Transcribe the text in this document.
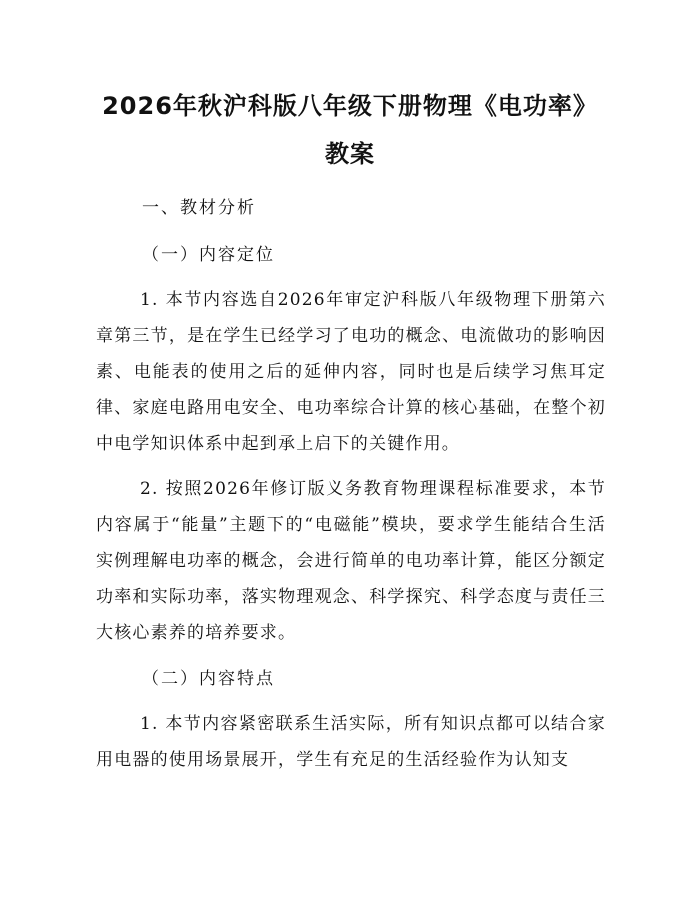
2026年秋沪科版八年级下册物理《电功率》
教案
一、教材分析
（一）内容定位

1. 本节内容选自2026年审定沪科版八年级物理下册第六章第三节，是在学生已经学习了电功的概念、电流做功的影响因素、电能表的使用之后的延伸内容，同时也是后续学习焦耳定律、家庭电路用电安全、电功率综合计算的核心基础，在整个初中电学知识体系中起到承上启下的关键作用。

2. 按照2026年修订版义务教育物理课程标准要求，本节内容属于“能量”主题下的“电磁能”模块，要求学生能结合生活实例理解电功率的概念，会进行简单的电功率计算，能区分额定功率和实际功率，落实物理观念、科学探究、科学态度与责任三大核心素养的培养要求。

（二）内容特点

1. 本节内容紧密联系生活实际，所有知识点都可以结合家用电器的使用场景展开，学生有充足的生活经验作为认知支
